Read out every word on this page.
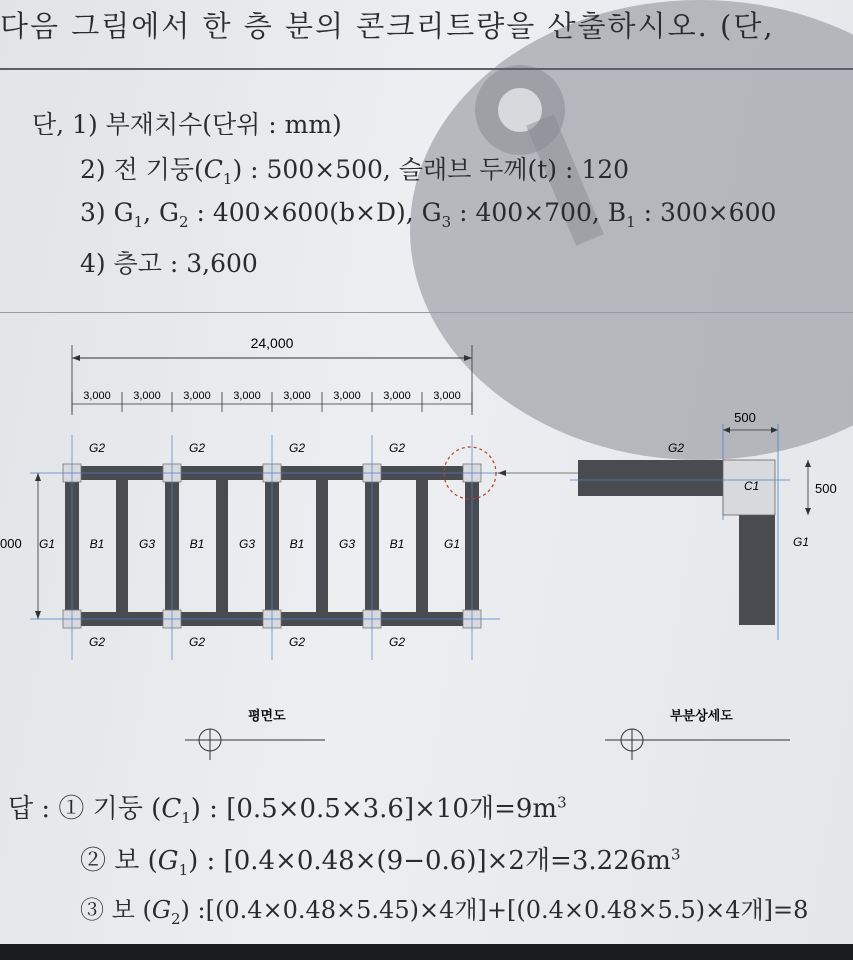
다음 그림에서 한 층 분의 콘크리트량을 산출하시오. (단,
단, 1) 부재치수(단위 : mm)
2) 전 기둥$(C_1)$ : 500×500, 슬래브 두께(t) : 120
3) $G_1$, $G_2$ : 400×600(b×D), $G_3$ : 400×700, $B_1$ : 300×600
4) 층고 : 3,600
24,000
3,000 3,000 3,000 3,000 3,000 3,000 3,000 3,000
000
G2	G2	G2	G2
G2	G2	G2	G2
G1	B1	G3	B1	G3	B1	G3	B1	G1
500
500
G2
C1
G1
평면도	부분상세도
답 : ① 기둥 $(C_1)$ : [0.5×0.5×3.6]×10개$=9m^3$
② 보 $(G_1)$ : [0.4×0.48×(9−0.6)]×2개$=3.226m^3$
③ 보 $(G_2)$ :[(0.4×0.48×5.45)×4개]+[(0.4×0.48×5.5)×4개]=8
